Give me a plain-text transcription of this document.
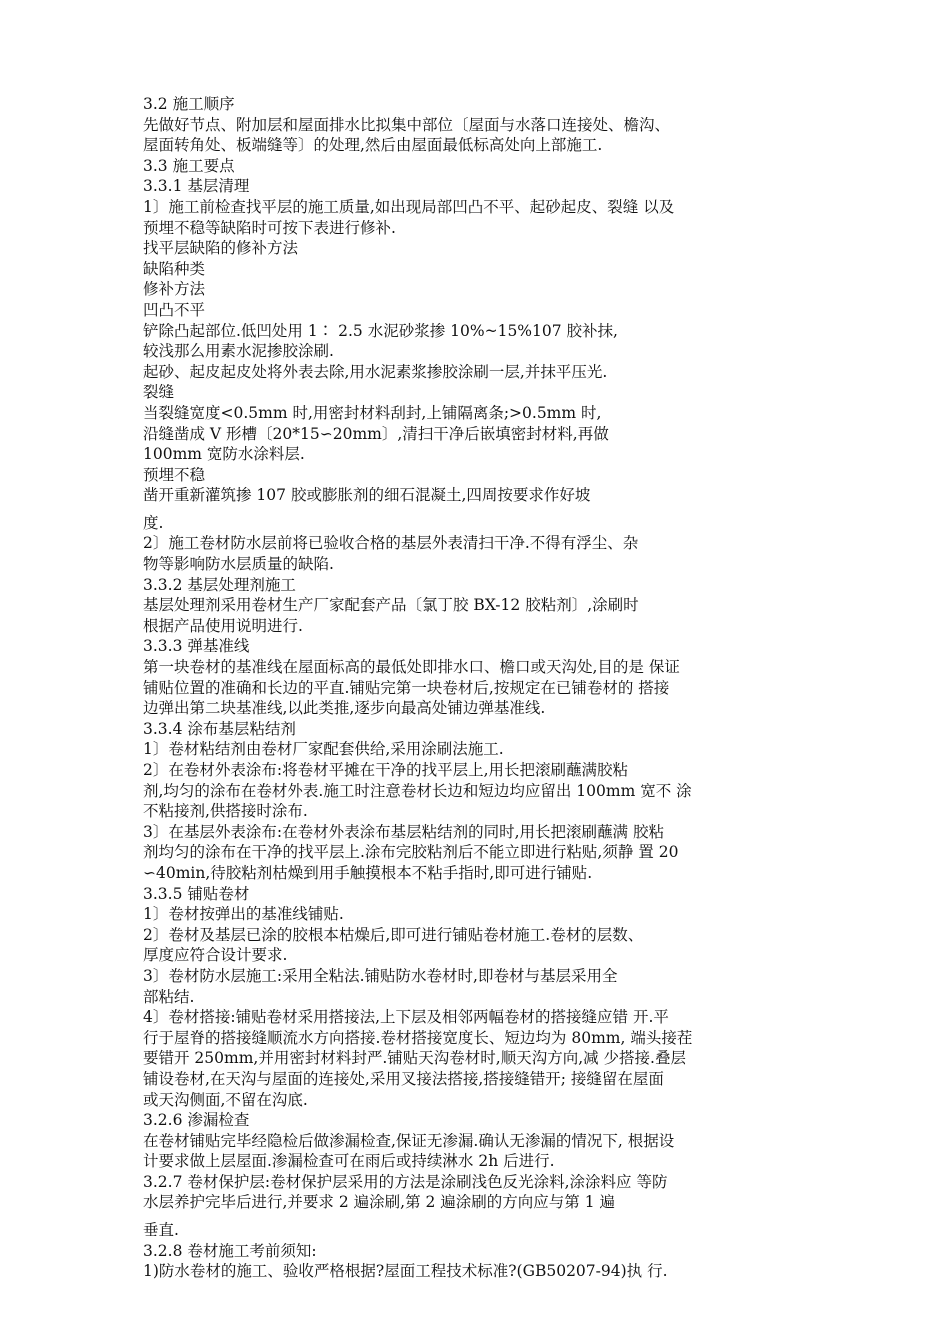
3.2 施工顺序

先做好节点、附加层和屋面排水比拟集中部位〔屋面与水落口连接处、檐沟、

屋面转角处、板端缝等〕的处理,然后由屋面最低标高处向上部施工.

3.3 施工要点

3.3.1 基层清理

1〕施工前检查找平层的施工质量,如出现局部凹凸不平、起砂起皮、裂缝 以及

预埋不稳等缺陷时可按下表进行修补.

找平层缺陷的修补方法

缺陷种类

修补方法

凹凸不平

铲除凸起部位.低凹处用 1∶ 2.5 水泥砂浆掺 10%~15%107 胶补抹,

较浅那么用素水泥掺胶涂刷.

起砂、起皮起皮处将外表去除,用水泥素浆掺胶涂刷一层,并抹平压光.

裂缝

当裂缝宽度<0.5mm 时,用密封材料刮封,上铺隔离条;>0.5mm 时,

沿缝凿成 V 形槽〔20*15∽20mm〕,清扫干净后嵌填密封材料,再做

100mm 宽防水涂料层.

预埋不稳

凿开重新灌筑掺 107 胶或膨胀剂的细石混凝土,四周按要求作好坡

度.

2〕施工卷材防水层前将已验收合格的基层外表清扫干净.不得有浮尘、杂

物等影响防水层质量的缺陷.

3.3.2 基层处理剂施工

基层处理剂采用卷材生产厂家配套产品〔氯丁胶 BX-12 胶粘剂〕,涂刷时

根据产品使用说明进行.

3.3.3 弹基准线

第一块卷材的基准线在屋面标高的最低处即排水口、檐口或天沟处,目的是 保证

铺贴位置的准确和长边的平直.铺贴完第一块卷材后,按规定在已铺卷材的 搭接

边弹出第二块基准线,以此类推,逐步向最高处铺边弹基准线.

3.3.4 涂布基层粘结剂

1〕卷材粘结剂由卷材厂家配套供给,采用涂刷法施工.

2〕在卷材外表涂布:将卷材平摊在干净的找平层上,用长把滚刷蘸满胶粘

剂,均匀的涂布在卷材外表.施工时注意卷材长边和短边均应留出 100mm 宽不 涂

不粘接剂,供搭接时涂布.

3〕在基层外表涂布:在卷材外表涂布基层粘结剂的同时,用长把滚刷蘸满 胶粘

剂均匀的涂布在干净的找平层上.涂布完胶粘剂后不能立即进行粘贴,须静 置 20

∽40min,待胶粘剂枯燥到用手触摸根本不粘手指时,即可进行铺贴.

3.3.5 铺贴卷材

1〕卷材按弹出的基准线铺贴.

2〕卷材及基层已涂的胶根本枯燥后,即可进行铺贴卷材施工.卷材的层数、

厚度应符合设计要求.

3〕卷材防水层施工:采用全粘法.铺贴防水卷材时,即卷材与基层采用全

部粘结.

4〕卷材搭接:铺贴卷材采用搭接法,上下层及相邻两幅卷材的搭接缝应错 开.平

行于屋脊的搭接缝顺流水方向搭接.卷材搭接宽度长、短边均为 80mm, 端头接茬

要错开 250mm,并用密封材料封严.铺贴天沟卷材时,顺天沟方向,减 少搭接.叠层

铺设卷材,在天沟与屋面的连接处,采用叉接法搭接,搭接缝错开; 接缝留在屋面

或天沟侧面,不留在沟底.

3.2.6 渗漏检查

在卷材铺贴完毕经隐检后做渗漏检查,保证无渗漏.确认无渗漏的情况下, 根据设

计要求做上层屋面.渗漏检查可在雨后或持续淋水 2h 后进行.

3.2.7 卷材保护层:卷材保护层采用的方法是涂刷浅色反光涂料,涂涂料应 等防

水层养护完毕后进行,并要求 2 遍涂刷,第 2 遍涂刷的方向应与第 1 遍

垂直.

3.2.8 卷材施工考前须知:

1)防水卷材的施工、验收严格根据?屋面工程技术标准?(GB50207-94)执 行.
